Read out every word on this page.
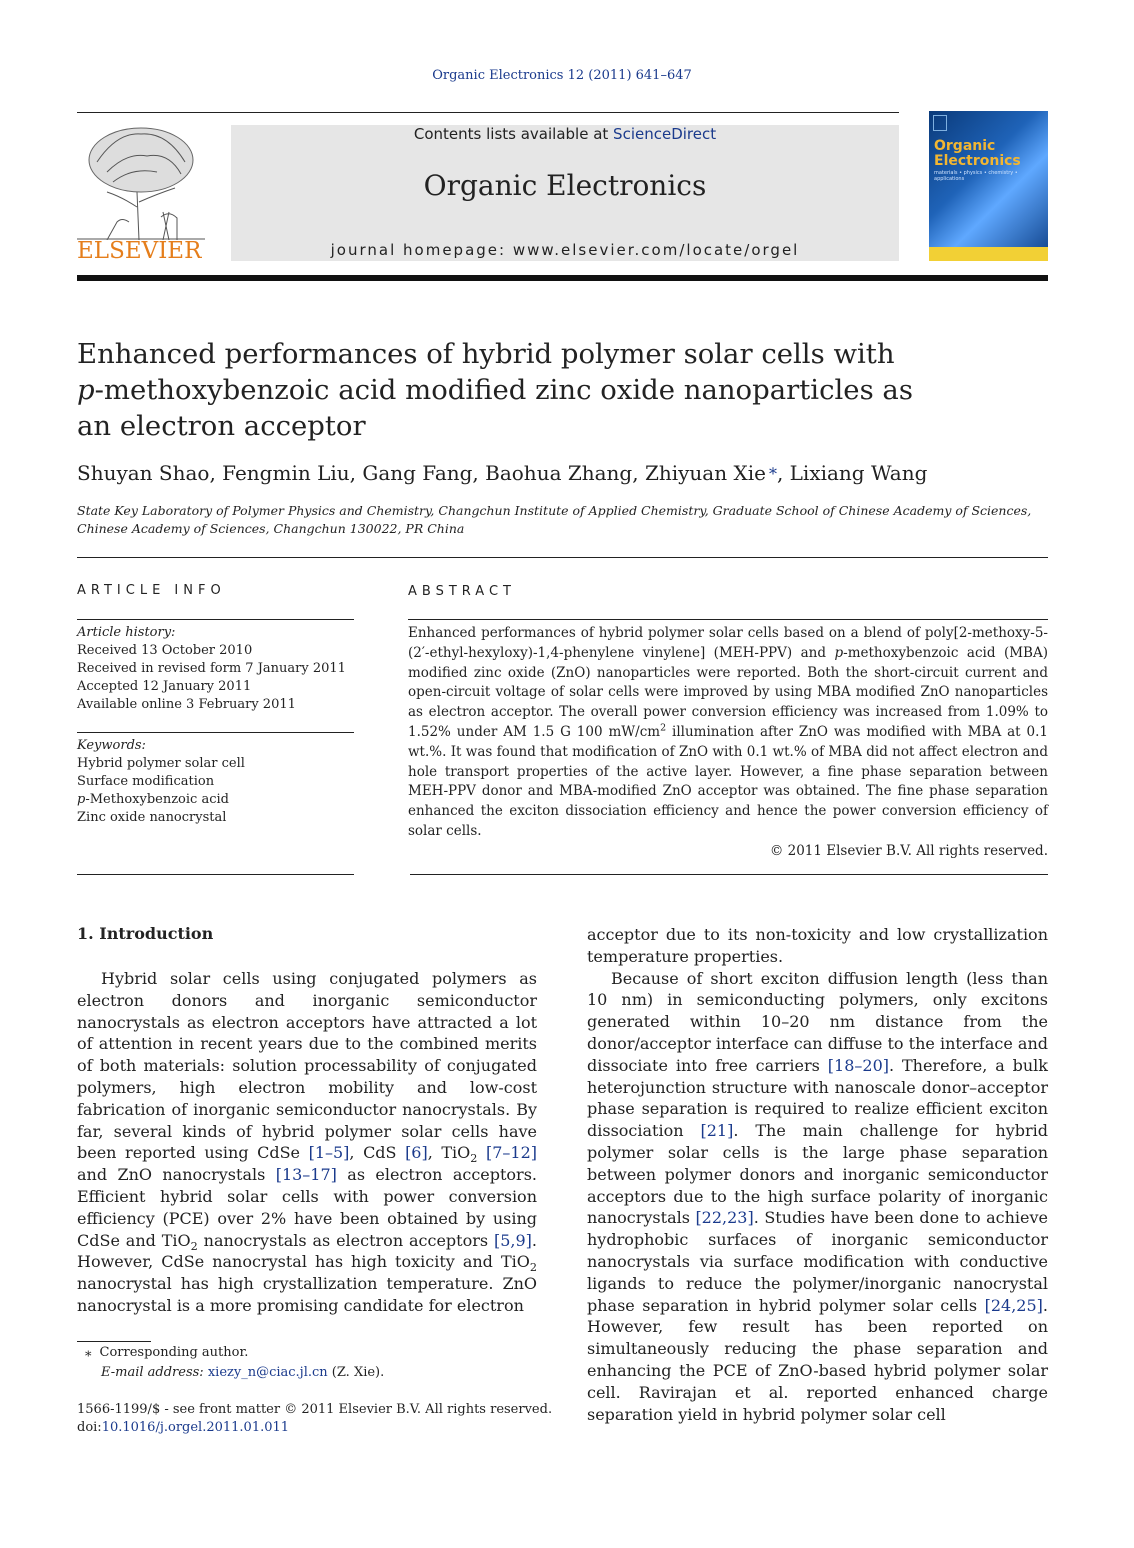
Organic Electronics 12 (2011) 641–647
ELSEVIER
Contents lists available at ScienceDirect
Organic Electronics
journal homepage: www.elsevier.com/locate/orgel
Organic
Electronics
materials • physics • chemistry • applications
Enhanced performances of hybrid polymer solar cells with
p-methoxybenzoic acid modified zinc oxide nanoparticles as
an electron acceptor
Shuyan Shao, Fengmin Liu, Gang Fang, Baohua Zhang, Zhiyuan Xie ⁎, Lixiang Wang
State Key Laboratory of Polymer Physics and Chemistry, Changchun Institute of Applied Chemistry, Graduate School of Chinese Academy of Sciences,
Chinese Academy of Sciences, Changchun 130022, PR China
ARTICLE INFO
Article history:
Received 13 October 2010
Received in revised form 7 January 2011
Accepted 12 January 2011
Available online 3 February 2011
Keywords:
Hybrid polymer solar cell
Surface modification
p-Methoxybenzoic acid
Zinc oxide nanocrystal
ABSTRACT
Enhanced performances of hybrid polymer solar cells based on a blend of poly[2-methoxy-5-(2′-ethyl-hexyloxy)-1,4-phenylene vinylene] (MEH-PPV) and p-methoxybenzoic acid (MBA) modified zinc oxide (ZnO) nanoparticles were reported. Both the short-circuit current and open-circuit voltage of solar cells were improved by using MBA modified ZnO nanoparticles as electron acceptor. The overall power conversion efficiency was increased from 1.09% to 1.52% under AM 1.5 G 100 $mW/cm^2$ illumination after ZnO was modified with MBA at 0.1 wt.%. It was found that modification of ZnO with 0.1 wt.% of MBA did not affect electron and hole transport properties of the active layer. However, a fine phase separation between MEH-PPV donor and MBA-modified ZnO acceptor was obtained. The fine phase separation enhanced the exciton dissociation efficiency and hence the power conversion efficiency of solar cells.
© 2011 Elsevier B.V. All rights reserved.
1. Introduction

Hybrid solar cells using conjugated polymers as electron donors and inorganic semiconductor nanocrystals as electron acceptors have attracted a lot of attention in recent years due to the combined merits of both materials: solution processability of conjugated polymers, high electron mobility and low-cost fabrication of inorganic semiconductor nanocrystals. By far, several kinds of hybrid polymer solar cells have been reported using CdSe [1–5], CdS [6], TiO$_2$ [7–12] and ZnO nanocrystals [13–17] as electron acceptors. Efficient hybrid solar cells with power conversion efficiency (PCE) over 2% have been obtained by using CdSe and TiO$_2$ nanocrystals as electron acceptors [5,9]. However, CdSe nanocrystal has high toxicity and TiO$_2$ nanocrystal has high crystallization temperature. ZnO nanocrystal is a more promising candidate for electron

acceptor due to its non-toxicity and low crystallization temperature properties.

Because of short exciton diffusion length (less than 10 nm) in semiconducting polymers, only excitons generated within 10–20 nm distance from the donor/acceptor interface can diffuse to the interface and dissociate into free carriers [18–20]. Therefore, a bulk heterojunction structure with nanoscale donor–acceptor phase separation is required to realize efficient exciton dissociation [21]. The main challenge for hybrid polymer solar cells is the large phase separation between polymer donors and inorganic semiconductor acceptors due to the high surface polarity of inorganic nanocrystals [22,23]. Studies have been done to achieve hydrophobic surfaces of inorganic semiconductor nanocrystals via surface modification with conductive ligands to reduce the polymer/inorganic nanocrystal phase separation in hybrid polymer solar cells [24,25]. However, few result has been reported on simultaneously reducing the phase separation and enhancing the PCE of ZnO-based hybrid polymer solar cell. Ravirajan et al. reported enhanced charge separation yield in hybrid polymer solar cell

⁎ Corresponding author.
E-mail address: xiezy_n@ciac.jl.cn (Z. Xie).
1566-1199/$ - see front matter © 2011 Elsevier B.V. All rights reserved.
doi:10.1016/j.orgel.2011.01.011
